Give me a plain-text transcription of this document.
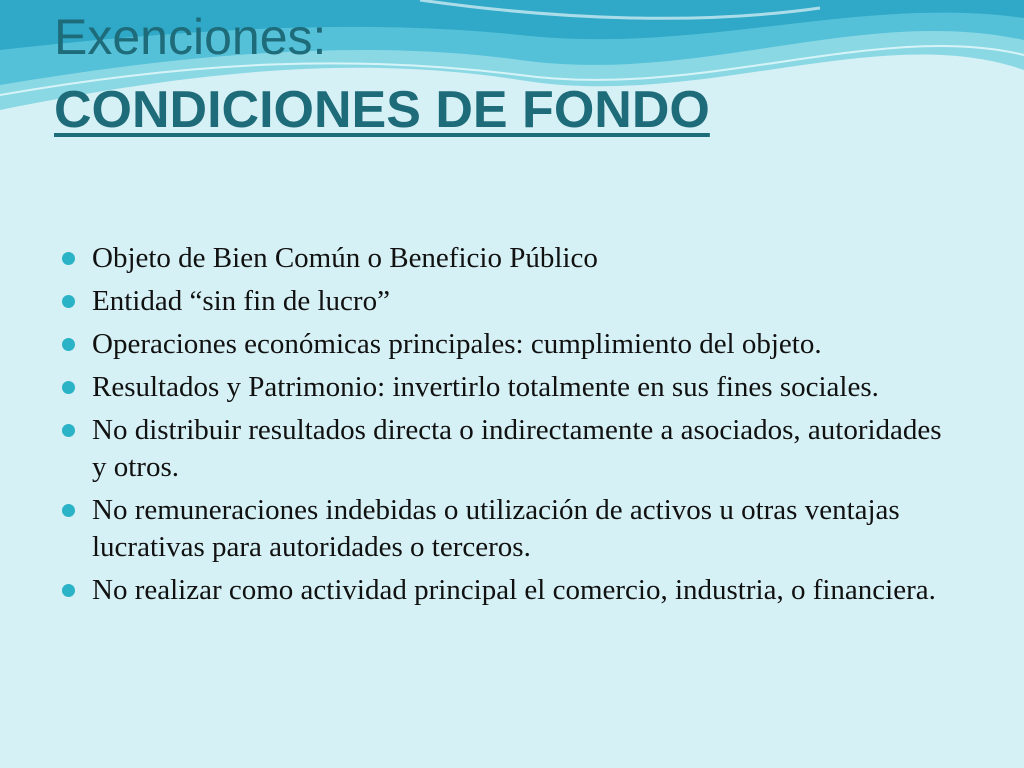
Exenciones:
CONDICIONES DE FONDO
Objeto de Bien Común o Beneficio Público
Entidad “sin fin de lucro”
Operaciones económicas principales: cumplimiento del objeto.
Resultados y Patrimonio: invertirlo totalmente en sus fines sociales.
No distribuir resultados directa o indirectamente a asociados, autoridades y otros.
No remuneraciones indebidas o utilización de activos u otras ventajas lucrativas para autoridades o terceros.
No realizar como actividad principal el comercio, industria, o financiera.
